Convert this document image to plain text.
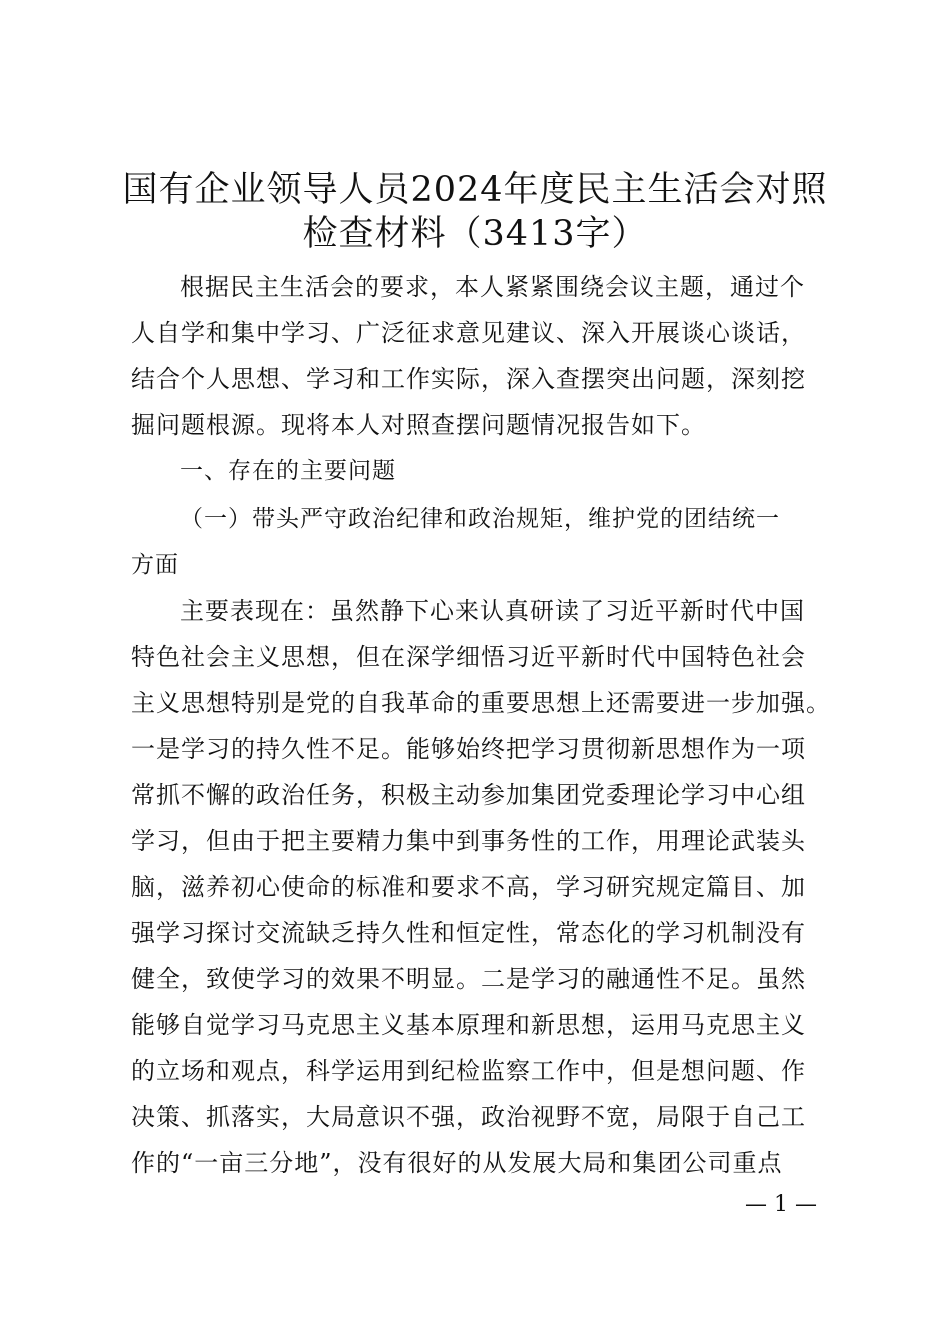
国有企业领导人员2024年度民主生活会对照
检查材料（3413字）
根据民主生活会的要求，本人紧紧围绕会议主题，通过个
人自学和集中学习、广泛征求意见建议、深入开展谈心谈话，
结合个人思想、学习和工作实际，深入查摆突出问题，深刻挖
掘问题根源。现将本人对照查摆问题情况报告如下。
一、存在的主要问题
（一）带头严守政治纪律和政治规矩，维护党的团结统一
方面
主要表现在：虽然静下心来认真研读了习近平新时代中国
特色社会主义思想，但在深学细悟习近平新时代中国特色社会
主义思想特别是党的自我革命的重要思想上还需要进一步加强。
一是学习的持久性不足。能够始终把学习贯彻新思想作为一项
常抓不懈的政治任务，积极主动参加集团党委理论学习中心组
学习，但由于把主要精力集中到事务性的工作，用理论武装头
脑，滋养初心使命的标准和要求不高，学习研究规定篇目、加
强学习探讨交流缺乏持久性和恒定性，常态化的学习机制没有
健全，致使学习的效果不明显。二是学习的融通性不足。虽然
能够自觉学习马克思主义基本原理和新思想，运用马克思主义
的立场和观点，科学运用到纪检监察工作中，但是想问题、作
决策、抓落实，大局意识不强，政治视野不宽，局限于自己工
作的“一亩三分地”，没有很好的从发展大局和集团公司重点
— 1 —
